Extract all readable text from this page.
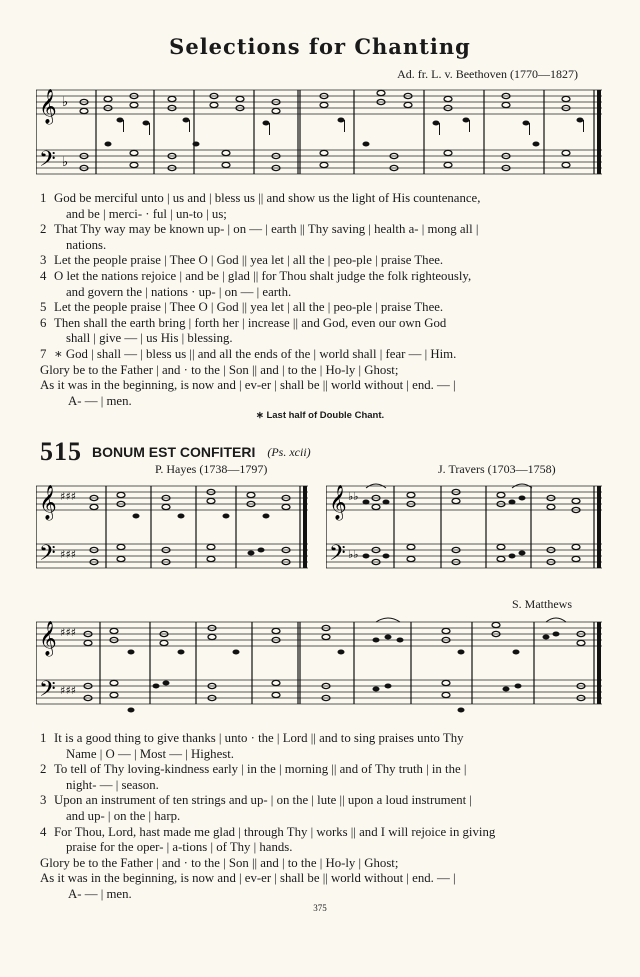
Selections for Chanting
Ad. fr. L. v. Beethoven (1770—1827)
𝄞
𝄢
♭
♭
1 God be merciful unto | us and | bless us || and show us the light of His countenance,
and be | merci- · ful | un-to | us;
2 That Thy way may be known up- | on — | earth || Thy saving | health a- | mong all |
nations.
3 Let the people praise | Thee O | God || yea let | all the | peo-ple | praise Thee.
4 O let the nations rejoice | and be | glad || for Thou shalt judge the folk righteously,
and govern the | nations · up- | on — | earth.
5 Let the people praise | Thee O | God || yea let | all the | peo-ple | praise Thee.
6 Then shall the earth bring | forth her | increase || and God, even our own God
shall | give — | us His | blessing.
7 ∗ God | shall — | bless us || and all the ends of the | world shall | fear — | Him.
Glory be to the Father | and · to the | Son || and | to the | Ho-ly | Ghost;
As it was in the beginning, is now and | ev-er | shall be || world without | end. — |
A- — | men.
∗ Last half of Double Chant.
515 BONUM EST CONFITERI (Ps. xcii)
P. Hayes (1738—1797)	J. Travers (1703—1758)
𝄞
𝄢
♯♯♯
♯♯♯
𝄞
𝄢
♭♭
♭♭
S. Matthews
𝄞
𝄢
♯♯♯
♯♯♯
1 It is a good thing to give thanks | unto · the | Lord || and to sing praises unto Thy
Name | O — | Most — | Highest.
2 To tell of Thy loving-kindness early | in the | morning || and of Thy truth | in the |
night- — | season.
3 Upon an instrument of ten strings and up- | on the | lute || upon a loud instrument |
and up- | on the | harp.
4 For Thou, Lord, hast made me glad | through Thy | works || and I will rejoice in giving
praise for the oper- | a-tions | of Thy | hands.
Glory be to the Father | and · to the | Son || and | to the | Ho-ly | Ghost;
As it was in the beginning, is now and | ev-er | shall be || world without | end. — |
A- — | men.
375
